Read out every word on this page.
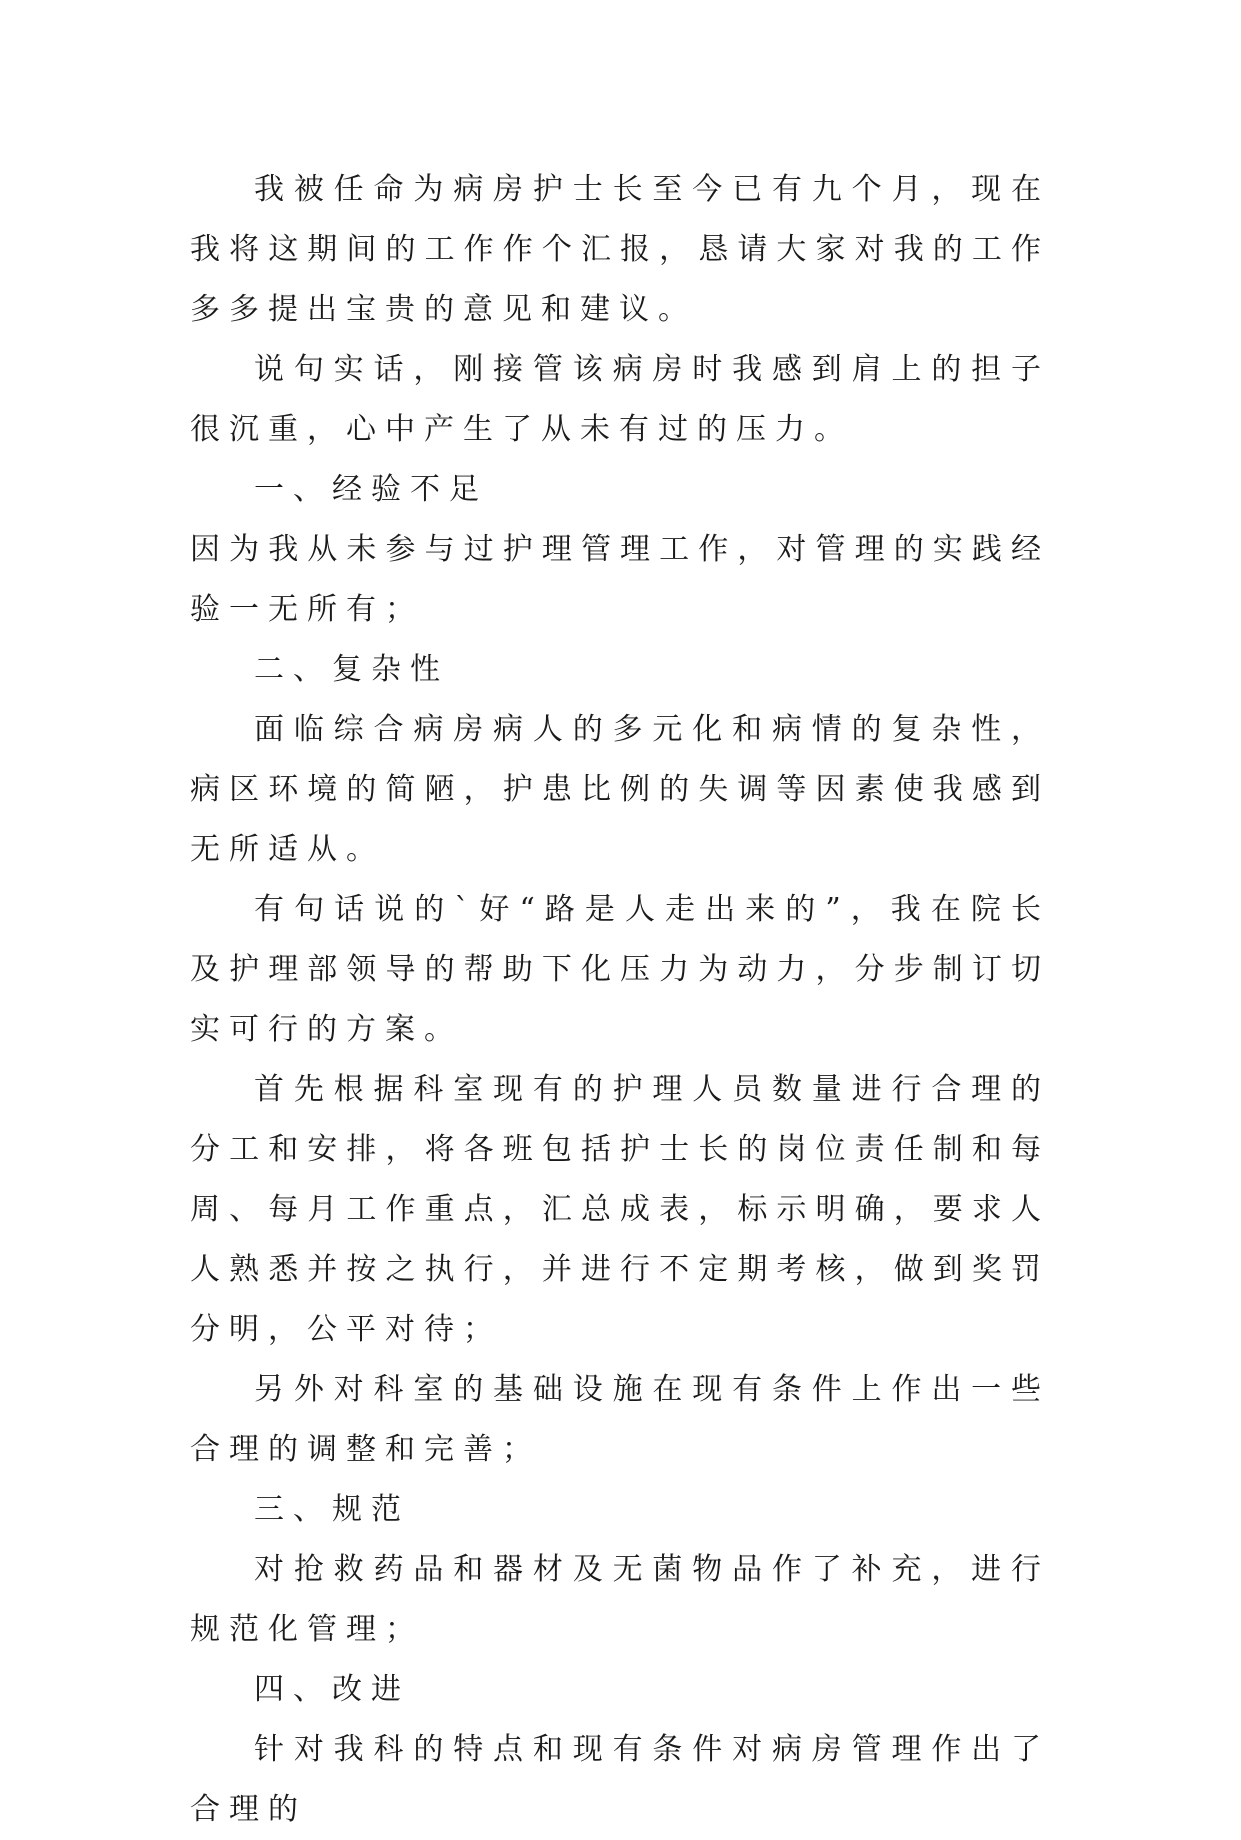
我被任命为病房护士长至今已有九个月，现在我将这期间的工作作个汇报，恳请大家对我的工作多多提出宝贵的意见和建议。

说句实话，刚接管该病房时我感到肩上的担子很沉重，心中产生了从未有过的压力。

一、经验不足

因为我从未参与过护理管理工作，对管理的实践经验一无所有；

二、复杂性

面临综合病房病人的多元化和病情的复杂性，病区环境的简陋，护患比例的失调等因素使我感到无所适从。

有句话说的`好“路是人走出来的”，我在院长及护理部领导的帮助下化压力为动力，分步制订切实可行的方案。

首先根据科室现有的护理人员数量进行合理的分工和安排，将各班包括护士长的岗位责任制和每周、每月工作重点，汇总成表，标示明确，要求人人熟悉并按之执行，并进行不定期考核，做到奖罚分明，公平对待；

另外对科室的基础设施在现有条件上作出一些合理的调整和完善；

三、规范

对抢救药品和器材及无菌物品作了补充，进行规范化管理；

四、改进

针对我科的特点和现有条件对病房管理作出了合理的
